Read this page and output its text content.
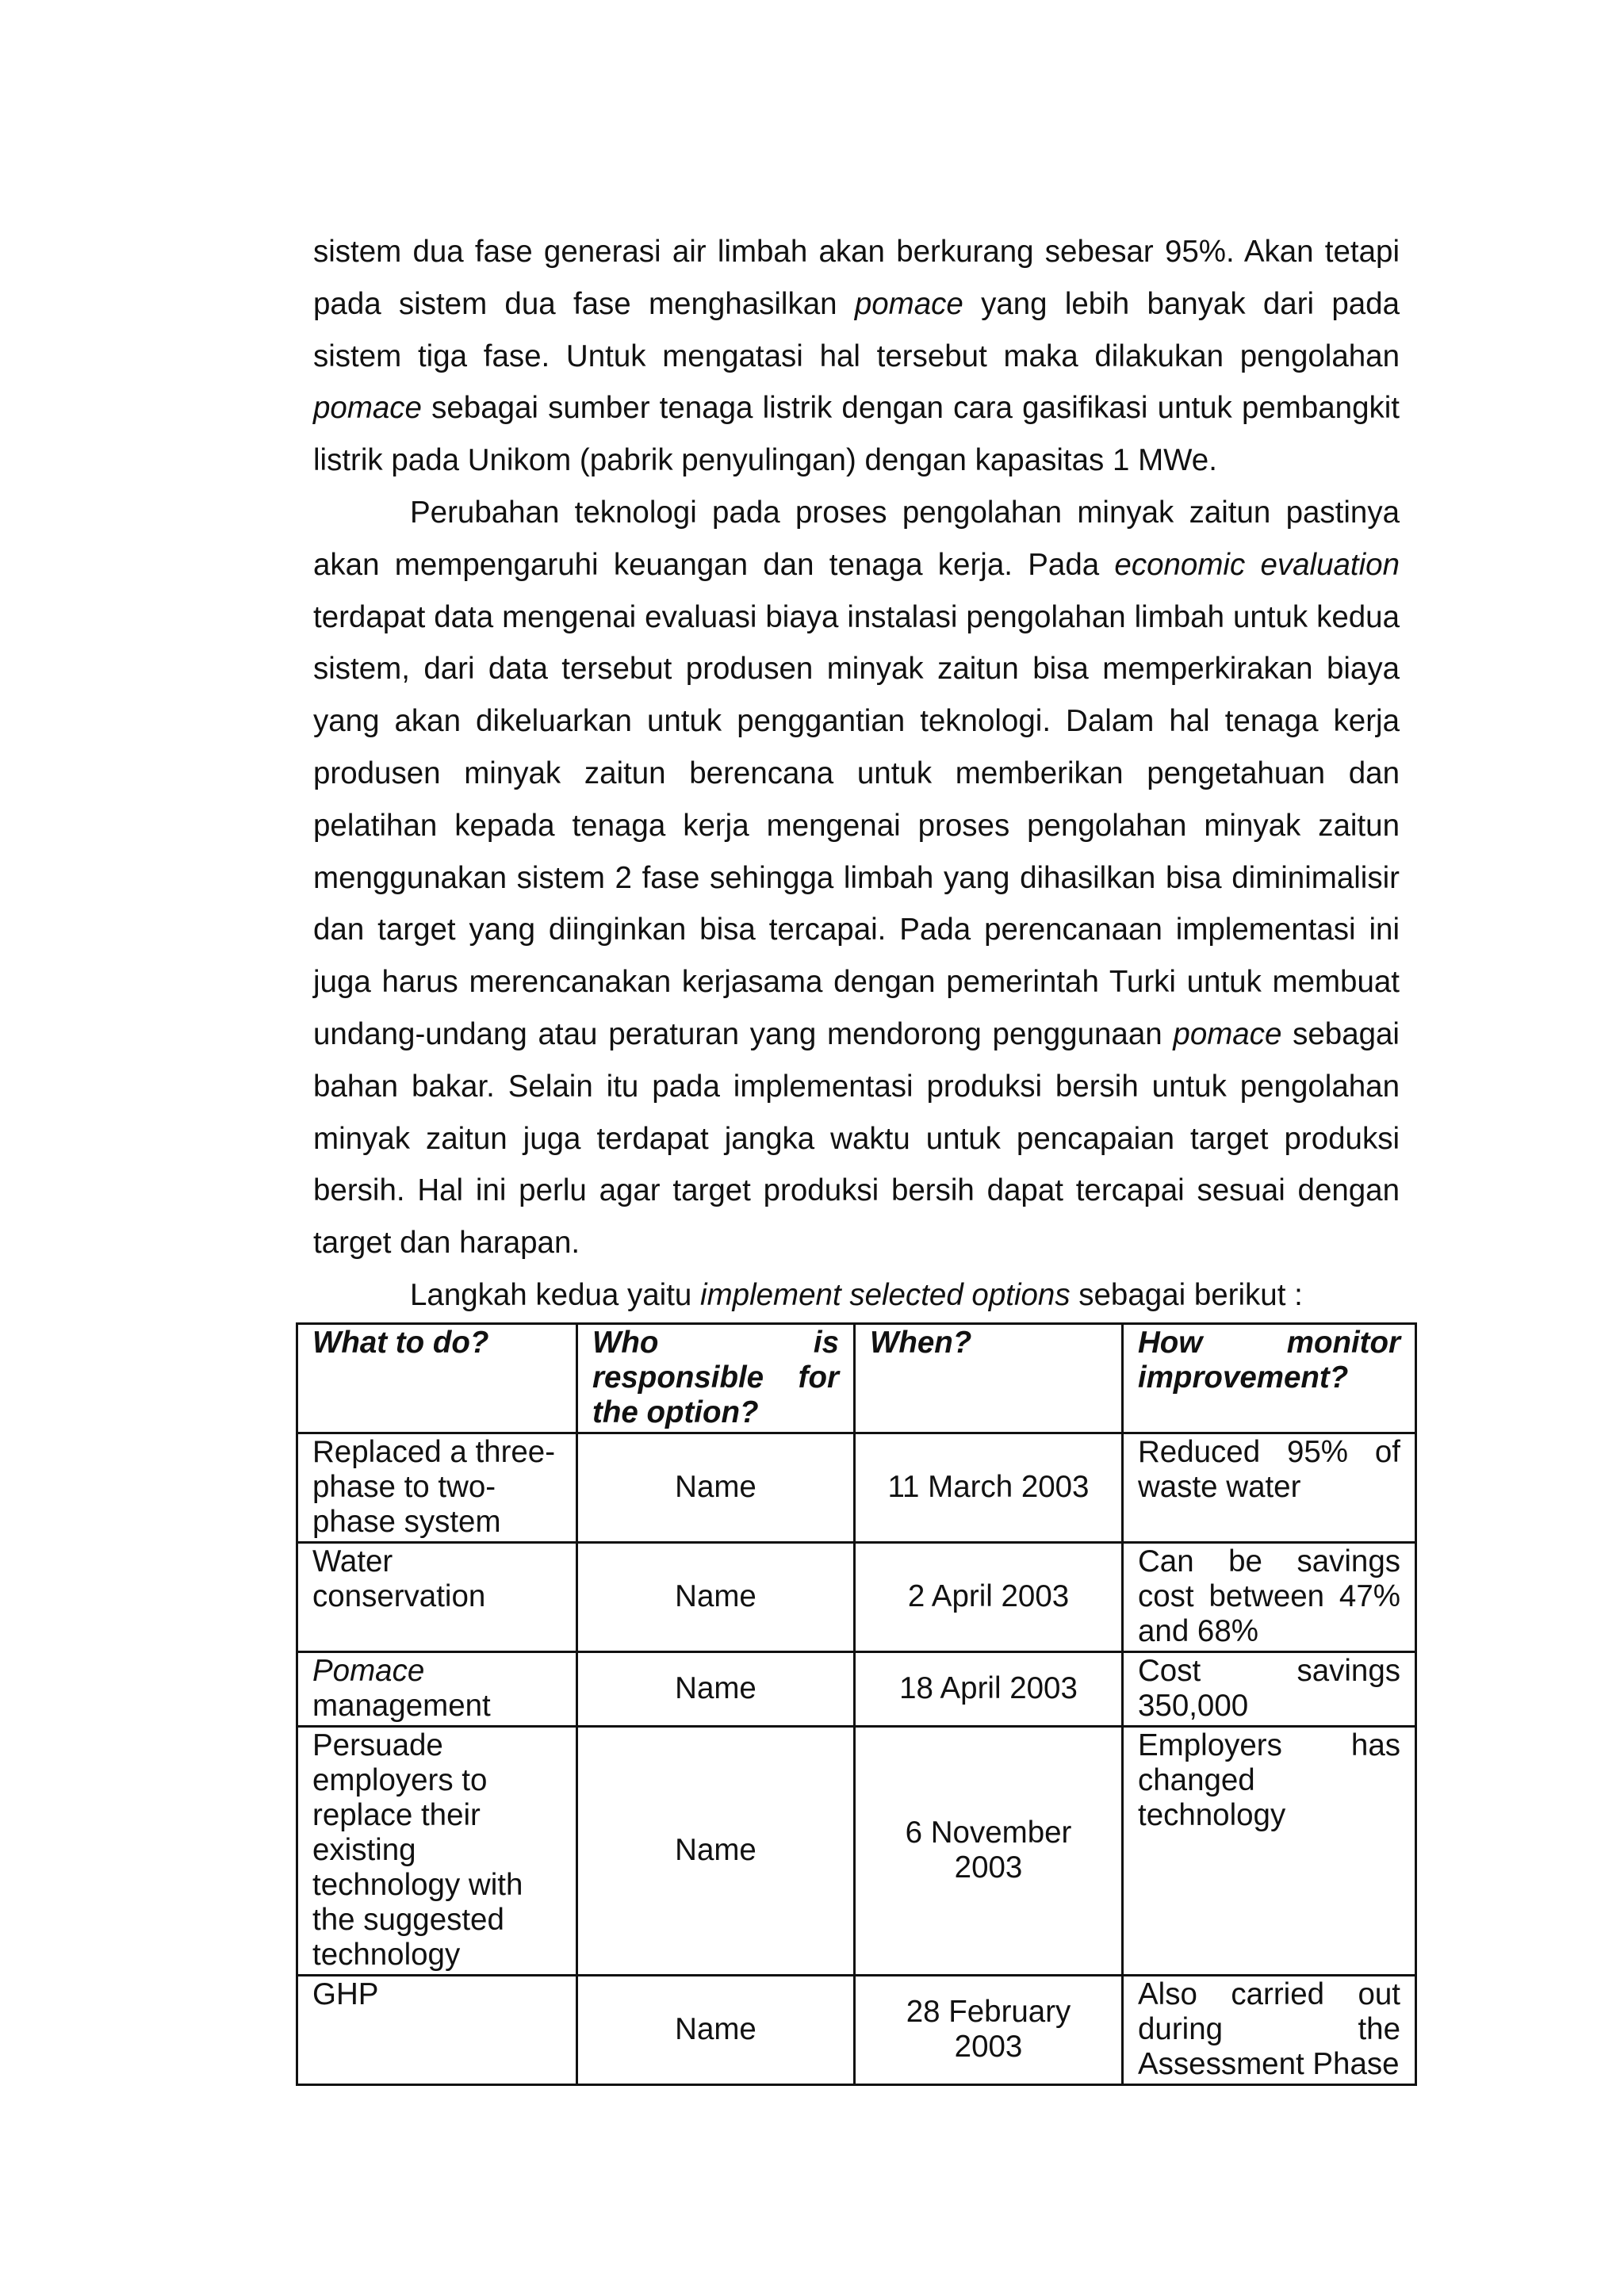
sistem dua fase generasi air limbah akan berkurang sebesar 95%. Akan tetapi pada sistem dua fase menghasilkan pomace yang lebih banyak dari pada sistem tiga fase. Untuk mengatasi hal tersebut maka dilakukan pengolahan pomace sebagai sumber tenaga listrik dengan cara gasifikasi untuk pembangkit listrik pada Unikom (pabrik penyulingan) dengan kapasitas 1 MWe.

Perubahan teknologi pada proses pengolahan minyak zaitun pastinya akan mempengaruhi keuangan dan tenaga kerja. Pada economic evaluation terdapat data mengenai evaluasi biaya instalasi pengolahan limbah untuk kedua sistem, dari data tersebut produsen minyak zaitun bisa memperkirakan biaya yang akan dikeluarkan untuk penggantian teknologi. Dalam hal tenaga kerja produsen minyak zaitun berencana untuk memberikan pengetahuan dan pelatihan kepada tenaga kerja mengenai proses pengolahan minyak zaitun menggunakan sistem 2 fase sehingga limbah yang dihasilkan bisa diminimalisir dan target yang diinginkan bisa tercapai. Pada perencanaan implementasi ini juga harus merencanakan kerjasama dengan pemerintah Turki untuk membuat undang-undang atau peraturan yang mendorong penggunaan pomace sebagai bahan bakar. Selain itu pada implementasi produksi bersih untuk pengolahan minyak zaitun juga terdapat jangka waktu untuk pencapaian target produksi bersih. Hal ini perlu agar target produksi bersih dapat tercapai sesuai dengan target dan harapan.

Langkah kedua yaitu implement selected options sebagai berikut :

What to do?	Who is responsible for the option?	When?	How monitor improvement?
Replaced a three-phase to two-phase system	Name	11 March 2003	Reduced 95% of waste water
Water conservation	Name	2 April 2003	Can be savings cost between 47% and 68%
Pomace management	Name	18 April 2003	Cost savings 350,000
Persuade employers to replace their existing technology with the suggested technology	Name	6 November 2003	Employers has changed technology
GHP	Name	28 February 2003	Also carried out during the Assessment Phase
